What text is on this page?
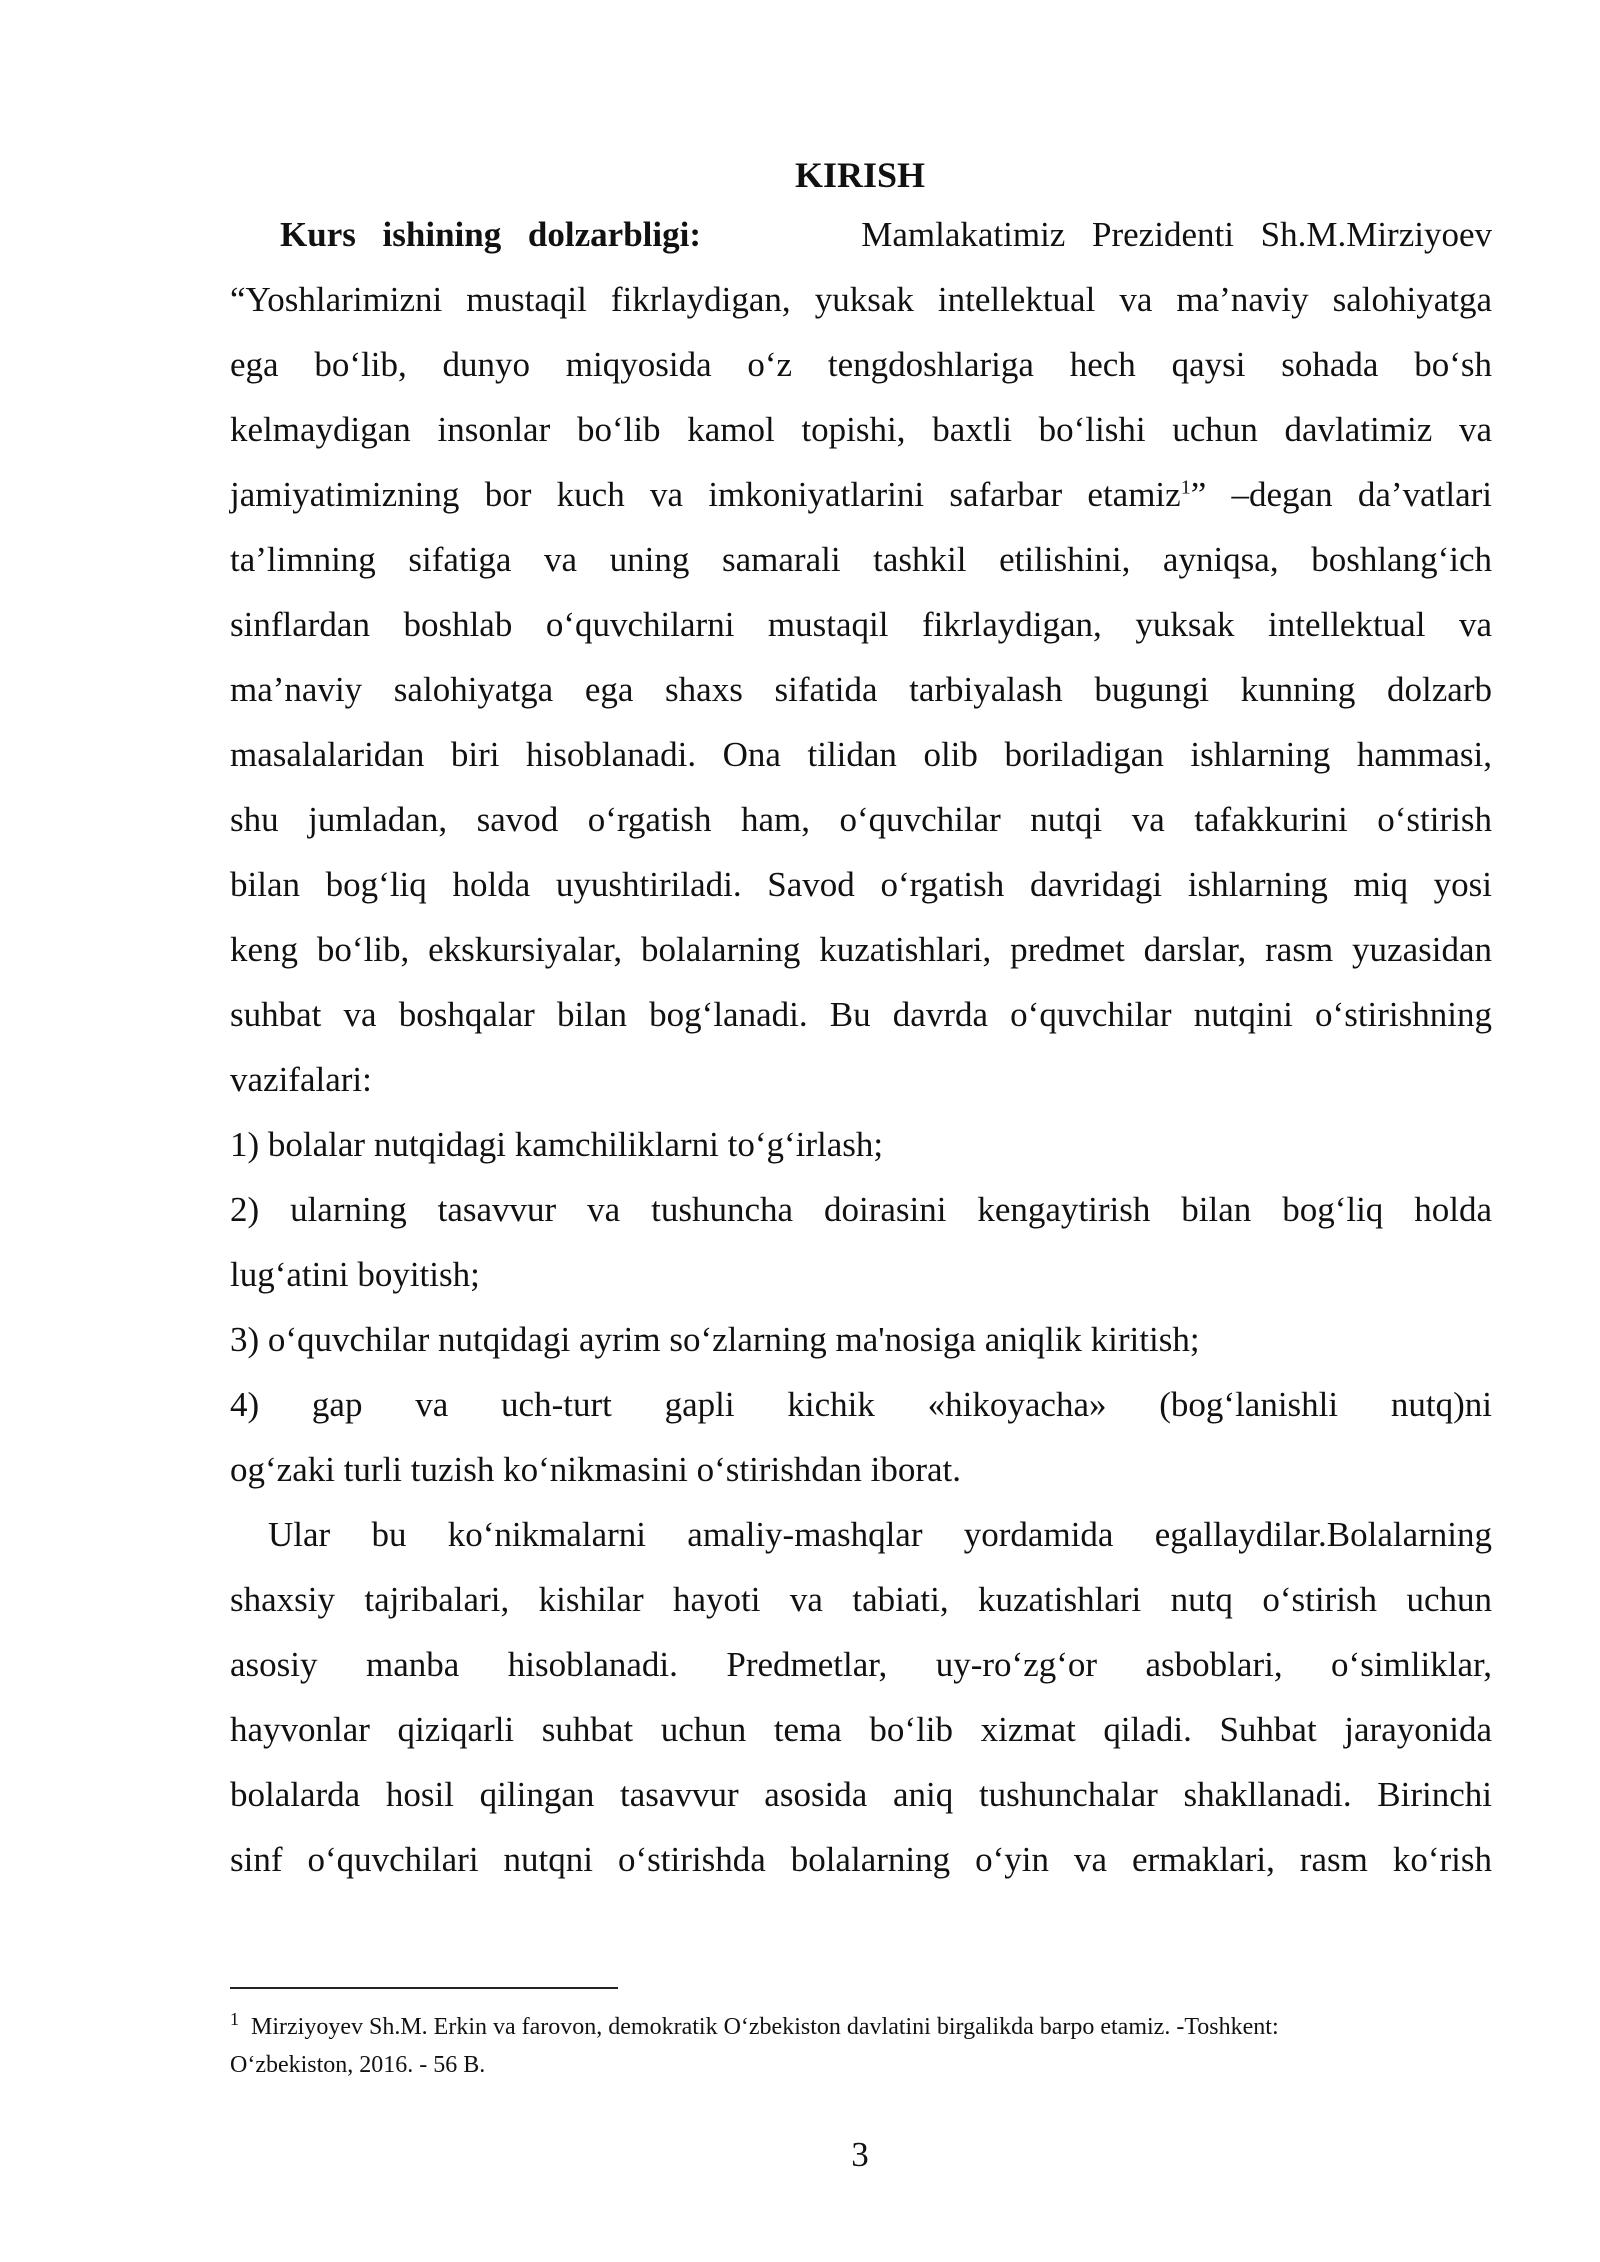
KIRISH
Kurs ishining dolzarbligi:	Mamlakatimiz Prezidenti Sh.M.Mirziyoev
“Yoshlarimizni mustaqil fikrlaydigan, yuksak intellektual va ma’naviy salohiyatga
ega bo‘lib, dunyo miqyosida o‘z tengdoshlariga hech qaysi sohada bo‘sh
kelmaydigan insonlar bo‘lib kamol topishi, baxtli bo‘lishi uchun davlatimiz va
jamiyatimizning bor kuch va imkoniyatlarini safarbar etamiz$^1$” –degan da’vatlari
ta’limning sifatiga va uning samarali tashkil etilishini, ayniqsa, boshlang‘ich
sinflardan boshlab o‘quvchilarni mustaqil fikrlaydigan, yuksak intellektual va
ma’naviy salohiyatga ega shaxs sifatida tarbiyalash bugungi kunning dolzarb
masalalaridan biri hisoblanadi. Ona tilidan olib boriladigan ishlarning hammasi,
shu jumladan, savod o‘rgatish ham, o‘quvchilar nutqi va tafakkurini o‘stirish
bilan bog‘liq holda uyushtiriladi. Savod o‘rgatish davridagi ishlarning miq yosi
keng bo‘lib, ekskursiyalar, bolalarning kuzatishlari, predmet darslar, rasm yuzasidan
suhbat va boshqalar bilan bog‘lanadi. Bu davrda o‘quvchilar nutqini o‘stirishning
vazifalari:
1) bolalar nutqidagi kamchiliklarni to‘g‘irlash;
2) ularning tasavvur va tushuncha doirasini kengaytirish bilan bog‘liq holda
lug‘atini boyitish;
3) o‘quvchilar nutqidagi ayrim so‘zlarning ma'nosiga aniqlik kiritish;
4) gap va uch-turt gapli kichik «hikoyacha» (bog‘lanishli nutq)ni
og‘zaki turli tuzish ko‘nikmasini o‘stirishdan iborat.
Ular bu ko‘nikmalarni amaliy-mashqlar yordamida egallaydilar.Bolalarning
shaxsiy tajribalari, kishilar hayoti va tabiati, kuzatishlari nutq o‘stirish uchun
asosiy manba hisoblanadi. Predmetlar, uy-ro‘zg‘or asboblari, o‘simliklar,
hayvonlar qiziqarli suhbat uchun tema bo‘lib xizmat qiladi. Suhbat jarayonida
bolalarda hosil qilingan tasavvur asosida aniq tushunchalar shakllanadi. Birinchi
sinf o‘quvchilari nutqni o‘stirishda bolalarning o‘yin va ermaklari, rasm ko‘rish
$^1$ Mirziyoyev Sh.M. Erkin va farovon, demokratik O‘zbekiston davlatini birgalikda barpo etamiz. -Toshkent:
O‘zbekiston, 2016. - 56 B.
3
